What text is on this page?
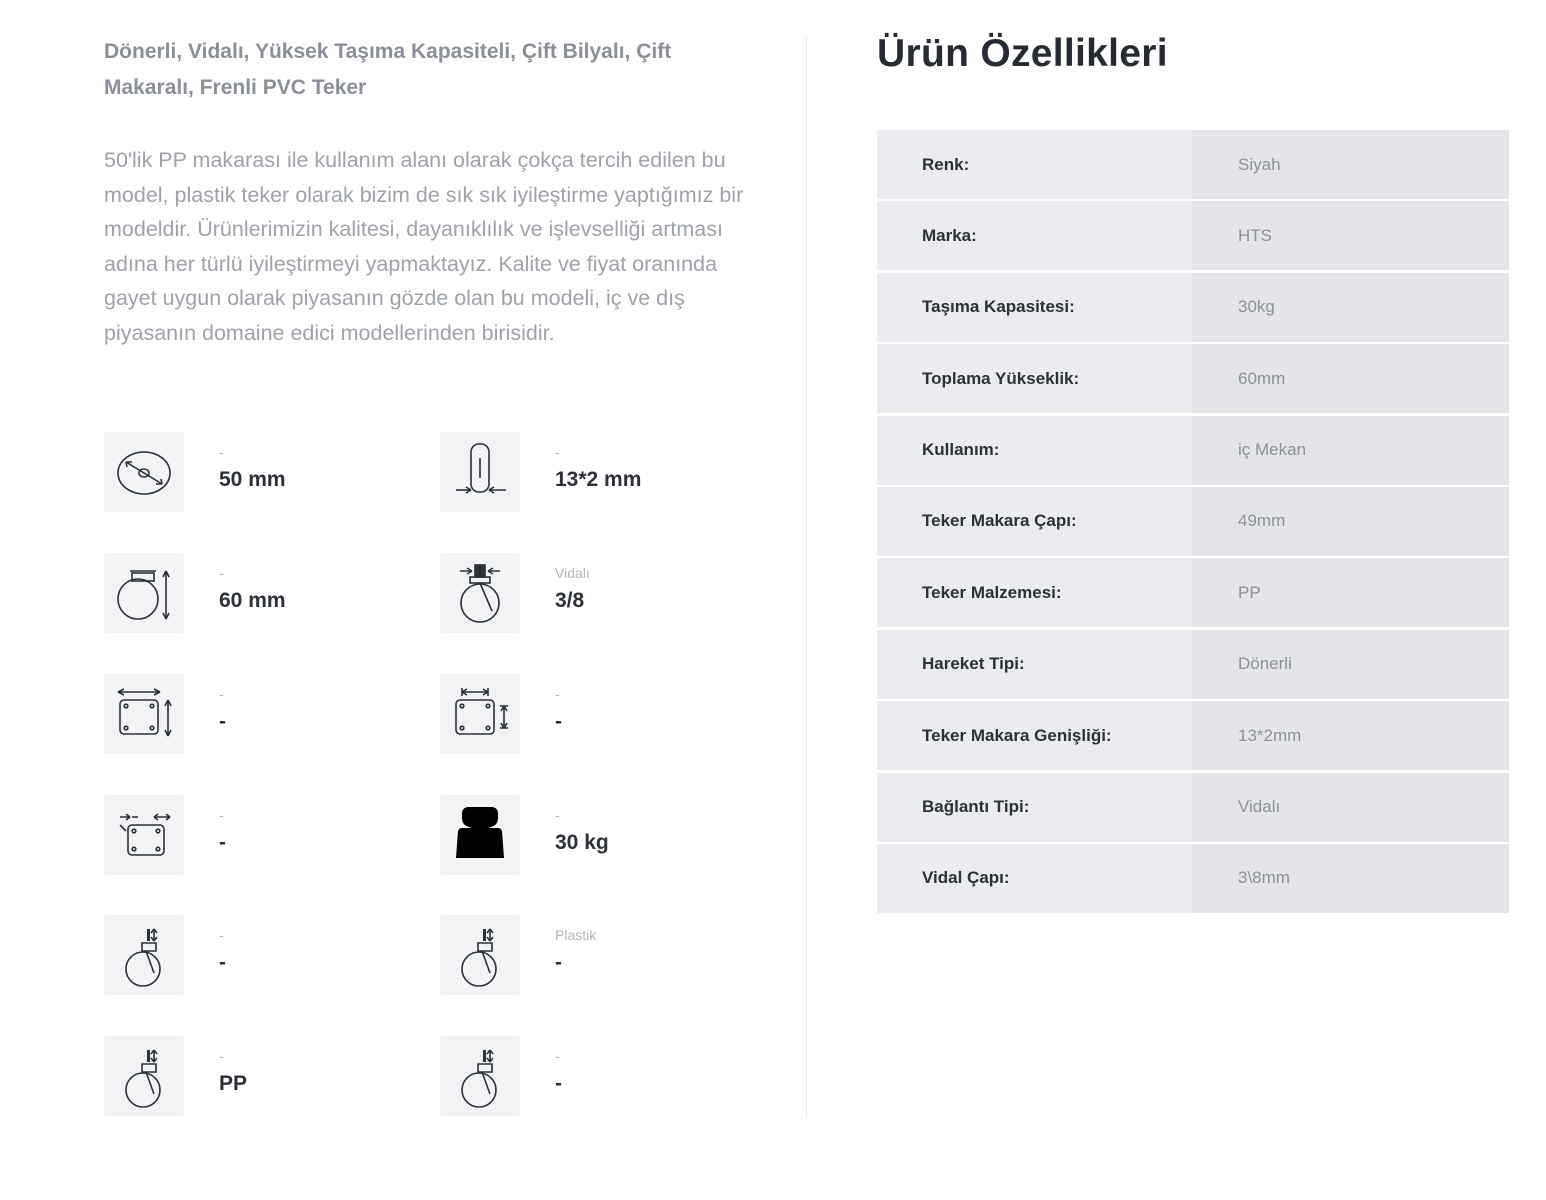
Dönerli, Vidalı, Yüksek Taşıma Kapasiteli, Çift Bilyalı, Çift Makaralı, Frenli PVC Teker
50'lik PP makarası ile kullanım alanı olarak çokça tercih edilen bu model, plastik teker olarak bizim de sık sık iyileştirme yaptığımız bir modeldir. Ürünlerimizin kalitesi, dayanıklılık ve işlevselliği artması adına her türlü iyileştirmeyi yapmaktayız. Kalite ve fiyat oranında gayet uygun olarak piyasanın gözde olan bu modeli, iç ve dış piyasanın domaine edici modellerinden birisidir.
-
50 mm
-
13*2 mm
-
60 mm
Vidalı
3/8
-
-
-
-
-
-
-
30 kg
-
-
Plastik
-
-
PP
-
-
Ürün Özellikleri
Renk:	Siyah
Marka:	HTS
Taşıma Kapasitesi:	30kg
Toplama Yükseklik:	60mm
Kullanım:	iç Mekan
Teker Makara Çapı:	49mm
Teker Malzemesi:	PP
Hareket Tipi:	Dönerli
Teker Makara Genişliği:	13*2mm
Bağlantı Tipi:	Vidalı
Vidal Çapı:	3\8mm
